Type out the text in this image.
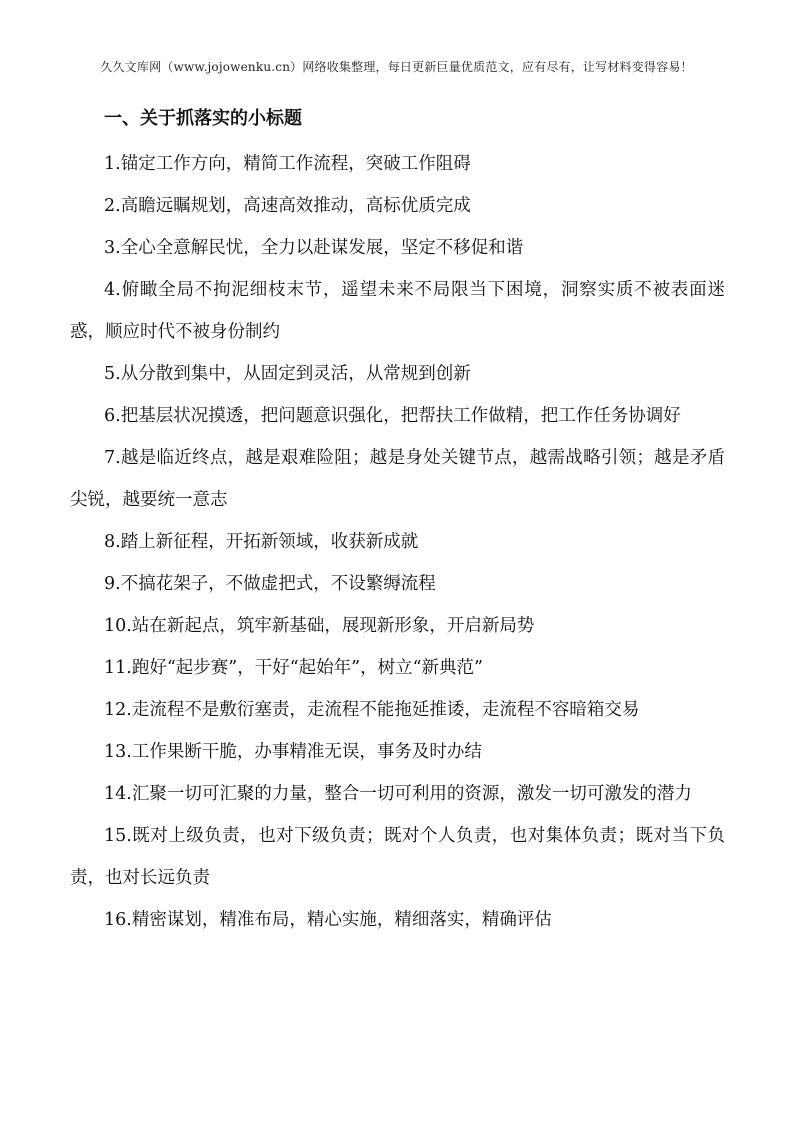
久久文库网（www.jojowenku.cn）网络收集整理，每日更新巨量优质范文，应有尽有，让写材料变得容易！
一、关于抓落实的小标题
1.锚定工作方向，精简工作流程，突破工作阻碍
2.高瞻远瞩规划，高速高效推动，高标优质完成
3.全心全意解民忧，全力以赴谋发展，坚定不移促和谐
4.俯瞰全局不拘泥细枝末节，遥望未来不局限当下困境，洞察实质不被表面迷惑，顺应时代不被身份制约
5.从分散到集中，从固定到灵活，从常规到创新
6.把基层状况摸透，把问题意识强化，把帮扶工作做精，把工作任务协调好
7.越是临近终点，越是艰难险阻；越是身处关键节点，越需战略引领；越是矛盾尖锐，越要统一意志
8.踏上新征程，开拓新领域，收获新成就
9.不搞花架子，不做虚把式，不设繁缛流程
10.站在新起点，筑牢新基础，展现新形象，开启新局势
11.跑好“起步赛”，干好“起始年”，树立“新典范”
12.走流程不是敷衍塞责，走流程不能拖延推诿，走流程不容暗箱交易
13.工作果断干脆，办事精准无误，事务及时办结
14.汇聚一切可汇聚的力量，整合一切可利用的资源，激发一切可激发的潜力
15.既对上级负责，也对下级负责；既对个人负责，也对集体负责；既对当下负责，也对长远负责
16.精密谋划，精准布局，精心实施，精细落实，精确评估
